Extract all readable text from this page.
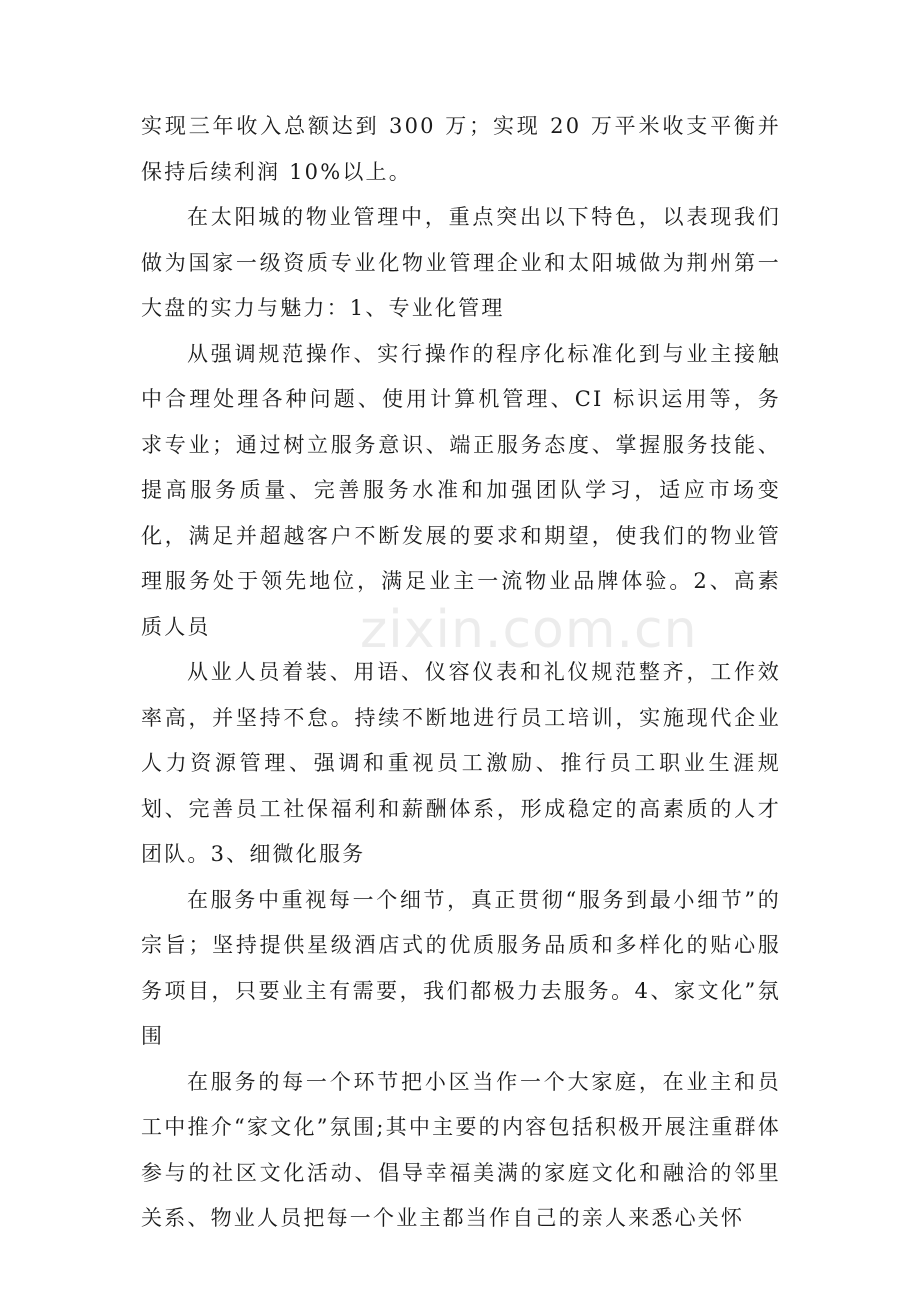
zixin.com.cn

实现三年收入总额达到 300 万；实现 20 万平米收支平衡并保持后续利润 10%以上。

在太阳城的物业管理中，重点突出以下特色，以表现我们做为国家一级资质专业化物业管理企业和太阳城做为荆州第一大盘的实力与魅力：1、专业化管理

从强调规范操作、实行操作的程序化标准化到与业主接触中合理处理各种问题、使用计算机管理、CI 标识运用等，务求专业；通过树立服务意识、端正服务态度、掌握服务技能、提高服务质量、完善服务水准和加强团队学习，适应市场变化，满足并超越客户不断发展的要求和期望，使我们的物业管理服务处于领先地位，满足业主一流物业品牌体验。2、高素质人员

从业人员着装、用语、仪容仪表和礼仪规范整齐，工作效率高，并坚持不怠。持续不断地进行员工培训，实施现代企业人力资源管理、强调和重视员工激励、推行员工职业生涯规划、完善员工社保福利和薪酬体系，形成稳定的高素质的人才团队。3、细微化服务

在服务中重视每一个细节，真正贯彻“服务到最小细节”的宗旨；坚持提供星级酒店式的优质服务品质和多样化的贴心服务项目，只要业主有需要，我们都极力去服务。4、家文化”氛围

在服务的每一个环节把小区当作一个大家庭，在业主和员工中推介“家文化”氛围;其中主要的内容包括积极开展注重群体参与的社区文化活动、倡导幸福美满的家庭文化和融洽的邻里关系、物业人员把每一个业主都当作自己的亲人来悉心关怀
